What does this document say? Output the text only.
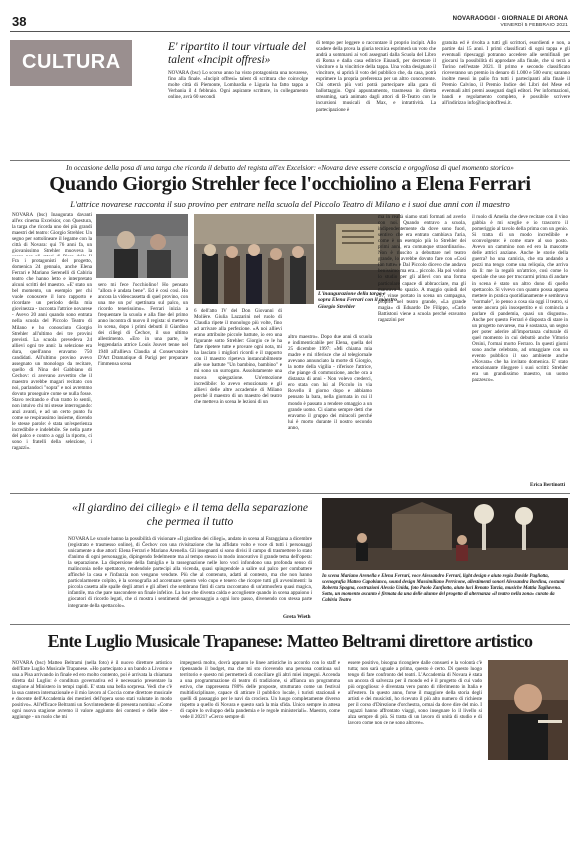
38	NOVARAOGGI - GIORNALE DI ARONA
VENERDÌ 5 FEBBRAIO 2021
CULTURA
E' ripartito il tour virtuale del talent «Incipit offresi»
NOVARA (bsc) Lo scorso anno ha visto protagonista una novarese, fino alla finale. «Incipit offresi» talent di scrittura che coinvolge molte città di Piemonte, Lombardia e Liguria ha fatto tappa a Verbania il 4 febbraio. Ogni aspirante scrittore, in collegamento online, avrà 60 secondi
di tempo per leggere o raccontare il proprio incipit. Allo scadere della prova la giuria tecnica esprimerà un voto che andrà a sommarsi ai voti assegnati dalla Scuola del Libro di Roma e dalla casa editrice Einaudi, per decretare il vincitore o la vincitrice della tappa. Una volta designato il vincitore, si aprirà il voto del pubblico che, da casa, potrà esprimere la propria preferenza per un altro concorrente. Chi otterrà più voti potrà partecipare alla gara di ballottaggio. Ogni appuntamento, trasmesso in diretta streaming, sarà animato dagli attori di B-Teatro con le incursioni musicali di Max, e intrattività. La partecipazione è
gratuita ed è rivolta a tutti gli scrittori, esordienti e non, a partire dai 15 anni. I primi classificati di ogni tappa e gli eventuali ripescaggi potranno accedere alle semifinali per giocarsi la possibilità di approdare alla finale, che si terrà a Torino nell'estate 2021. Il primo e secondo classificato riceveranno un premio in denaro di 1.000 e 500 euro; saranno inoltre messi in palio fra tutti i partecipanti alla finale il Premio Calvino, il Premio Indice dei Libri del Mese ed eventuali altri premi assegnati dagli editori. Per informazioni, bandi e regolamento completo, è possibile scrivere all'indirizzo info@incipitoffresi.it.
In occasione della posa di una targa che ricorda il debutto del regista all'ex Excelsior: «Novara deve essere conscia e orgogliosa di quel momento storico»
Quando Giorgio Strehler fece l'occhiolino a Elena Ferrari
L'attrice novarese racconta il suo provino per entrare nella scuola del Piccolo Teatro di Milano e i suoi due anni con il maestro
NOVARA (bsc) Inaugurata davanti all'ex cinema Excelsior, con Questura, la targa che ricorda uno dei più grandi maestri del teatro: Giorgio Strehler. Un segno per sottolineare il legame con la città di Novara: qui 76 anni fa, un giovanissimo Strehler muoveva la
L'inaugurazione della targa e sopra Elena Ferrari con il maestro Giorgio Strehler
Fra i protagonisti del progetto, domenica 24 gennaio, anche Elena Ferrari e Mariano Serenelli di Cabiria teatro che hanno letto e interpretato alcuni scritti del maestro. «E' stato un bel momento, un esempio per chi vuole conoscere il loro rapporto e ricordare un periodo della mia giovinezza - racconta l'attrice novarese - Avevo 20 anni quando sono entrata nella scuola del Piccolo Teatro di Milano e ho conosciuto Giorgio Strehler all'ultimo dei tre provini previsti. La scuola prevedeva 24 allievi ogni tre anni: la selezione era dura, quell'anno eravamo 750 candidati. All'ultimo provino avevo assegnato un monologo da recitare, quello di Nina del Gabbiano di Cechov: ci avevano avvertito che il maestro avrebbe magari recitato con noi, parlandoci "sopra" e noi avremmo dovuto proseguire come se nulla fosse. Stavo recitando e d'un tratto lo sentii, non intuivo chi mi stesse interrogando: anzi avanti, e ad un certo punto fu come se respirassimo insieme, dicendo le stesse parole: è stata un'esperienza incredibile e indelebile. Se nella parte del palco e contro a oggi la riporto, ci sono i fratelli della selezione, i ragazzi».
sero mi fece l'occhiolino! Ho pensato "allora è andata bene". Ed è così così. Ho ancora la videocassetta di quel provino, con una me un po' spettinata sul palco, un ricordo tenerissimo». Ferrari inizia a frequentare la scuola e alla fine del primo anno incontra di nuovo il regista: si metteva in scena, dopo i primi debutti il Giardino dei ciliegi di Čechov, il suo ultimo allestimento. «Ero in una parte, le leggendaria attrice Louis Jouvet tenne nel 1940 all'allieva Claudia al Conservatoire D'Art Dramatique di Parigi per preparare l'immensa scena
6 dell'atto IV del Don Giovanni di Molière. Giulia Lazzarini nel ruolo di Claudia ripete il monologo più volte, fino ad arrivare alla perfezione. «A noi allievi erano attribuite piccole battute, io ero una figurante sotto Strehler: Giorgio ce le ha fatte ripetere tutte e provare ogni nota, mi ha lasciato i migliori ricordi e il rapporto con il maestro ripeteva instancabilmente alle sue battute "Un bambino, bambino" e mi sono un surrogato. Assolutamente una nuova spiegazione. Un'emozione incredibile: lo avevo emozionato e gli allievi delle altre accademie di Milano perché il maestro di un maestro del teatro che metteva in scena le lezioni di un
altro maestro». Dopo due anni di scuola e indimenticabile per Elena, quella del 25 dicembre 1997: «Mi chiama mia madre e mi riferisce che al telegiornale avevano annunciato la morte di Giorgio, la notte della vigilia - riferisce l'attrice, che piange di commozione, anche ora a distanza di anni - Non volevo crederci, ero stata con lui al Piccolo in via Rovello il giorno dopo e abbiamo pensato la bara, nella giornata in cui il mondo è passato a rendere omaggio a un grande uomo. Ci siamo sempre detti che eravamo il gruppo dei miracoli perché lui è morto durante il nostro secondo anno,
ma in realtà siamo stati formati ad averlo con noi. Quando entravo a scuola, indipendentemente da dove sono fuori, sentivo che era entrato cambiava l'aria, come è un esempio più lo Strehler dei primi anni, era comunque straordinario». Non è riuscito a debuttare nel teatro grande, lo avrebbe dovuto fare con «Così fan tutte» e Dal Piccolo dicevo che andava benissimo ma era... piccolo. Ha poi voluto lo studio per gli allievi con una forma particolare capace di abbracciare, ma gli mancava lo spazio. A maggio quindi del '97, vinse portato in scena un campagna, proprio nel teatro grande, «La grande magia» di Eduardo De Filippo, «Carlo Battistoni viene a scuola perché eravamo ragazzini per
il ruolo di Amelia che deve recitare con il vino gabbia è mi sceglie e io trascorro il pomeriggio al tavolo della prima con un genio. Si tratta di un modo incredibile e sconvolgente: è come stare al suo posto. Avevo un cammino non ed ero la mascotte delle attrici anziane. Anche le storie della guerra? ho una camicia, che sta andando a pezzi ma tengo come una reliquia, che arriva da lì: me la regalò un'attrice, così come lo speciale che uso per truccarmi prima di andare in scena è stato un altro dono di quello spettacolo. Si vivevo con quanto possa appena mettere in pratica quotidianamente e sembrava "normale", io penso a cosa sia oggi il teatro, si sente ancora più insospettito e si comincia a parlare di pandemia, quasi un disgusto». Anche per questo Ferrari è disposta di stare in un progetto novarese, ma è sostanza, un segno per poter aderire all'importanza culturale di quel momento in cui debuttò anche Vittorio Orsini, l'ormai morto Ferraro. In questi giorni sono anche celebrato, ad omaggiare con un evento pubblico il suo ambiente anche «Novara» che ha invitato domenica. E' stato emozionante rileggere i suoi scritti: Strehler era un grandissimo maestro, un uomo pazzesco».
Erica Bertinotti
«Il giardino dei ciliegi» e il tema della separazione che permea il tutto
NOVARA Le scuole hanno la possibilità di visionare «Il giardino dei ciliegi», andato in scena al Faraggiana a dicembre (registrato e trasmesso online), di Čechov con una rivisitazione che ha affidato volto e voce di tutti i personaggi unicamente a due attori: Elena Ferrari e Mariano Arenella. Gli insegnanti si sono divisi il campo di trasmettere lo stato d'animo di ogni personaggio, dipingendo fedelmente ma al tempo stesso in modo innovativo il grande tema dell'opera: la separazione. La dispersione della famiglia e la rassegnazione nelle loro voci infondono una profonda senso di malinconia nelle spettatore, rendendole partecipi alla vicenda, quasi spingendole a salire sul palco per combattere affinché la casa e l'infanzia non vengano vendute. Più che al contenuto, adatti al contesto, ma che non hanno particolarmente colpito, è la scenografia ad accentuare questo velo cupo e tenero che ricopre tutti gli avvenimenti: la piccola casetta alle spalle degli attori e gli alberi che sembrano finti di carta raccontano di un'atmosfera quasi magica, infantile, ma che pare nascondere un finale infelice. La luce che diventa calda e accogliente quando in scena appaiono i giocatori di ricordo legati, che ci mostra i sentimenti del personaggio a ogni loro passo, divenendo con stessa parte integrante della spettacolo».
Greta Wieth
In scena Mariano Arenella e Elena Ferrari, voce Alessandro Ferrari, light design e aiuto regia Davide Pagliotta, scenografia Matteo Capobianco, sound design Massimiliano Perricone, allestimenti sonori Alessandra Bordina, costumi Roberta Spagna, costruzioni Alessio Unida, foto Paolo Zanfiotto, aiuto luci Renato Tarzia, musiche Mattia Tagliavena. Sotto, un momento ascanto è firmata da una delle alunne del progetto di alternanza «il teatro nella zona» curato da Cabiria Teatro
Ente Luglio Musicale Trapanese: Matteo Beltrami direttore artistico
NOVARA (bsc) Matteo Beltrami (nella foto) è il nuovo direttore artistico dell'Ente Luglio Musicale Trapanese. «Ho partecipato a un bando a Livorno e una a Pisa arrivando in finale ed ero molto contento, poi è arrivata la chiamata diretta dal Luglio: è conditura governativa ed è necessario presentare la stagione al Ministero in tempi rapidi. E' stata una bella sorpresa. Vedi che c'è la sua cantera internazionale e il mio lavoro al Coccia come direttore musicale e docente dell'Accademia dei mestieri dell'opera sono stati valutate in modo positivo». All'efficace Beltrami un Sovrintendente di presenta nomina: «Come ogni nuova stagione avremo il valore aggiunto dei contesti e delle idee - aggiunge - un ruolo che mi
impegnerà molto, dovrà appunto le linee artistiche in accordo con lo staff e ripensando il budget, ma che mi sto ricevendo una persona continua sul territorio e questo mi permetterà di conciliare gli altri miei impegni. Accenda a una programmazione di teatro di tradizione, si affianca un programma estivo, che rappresenta l'80% delle proposte, strutturato come un festival multidisciplinare, capace di attirare il pubblico locale, i turisti stazionali e quelli di passaggio per le navi da crociera. Un luogo completamente diverso rispetto a quello di Novara e questo sarà la mia sfida. Unico sempre in attesa di capire lo sviluppo della pandemia e le regole ministeriali». Maestro, come vede il 2021? «Cerco sempre di
essere positivo, bisogna ricongiere dalle consueti e la volontà c'è tutta; non sarà uguale a prima, questo è certo. Di questo luogo tengo di fare confronto del teatri. L'Accademia di Novara è stata un ancora di salvezza per il mondo ed è il progetto di cui vado più orgoglioso: è diventata vero punto di riferimento in Italia e all'estero. In questo anno, forse il maggiore della storia degli artisti e dei musicisti, ho ricevuto il più alto numero di richieste per il corso d'Direzione d'orchestra, ormai da dove dire del mio. I ragazzi hanno affrontato viaggi, sono insegnare lo il livello si alza sempre di più. Si tratta di un lavoro di unità di studio e di lavoro come non ce ne sono altrove».
